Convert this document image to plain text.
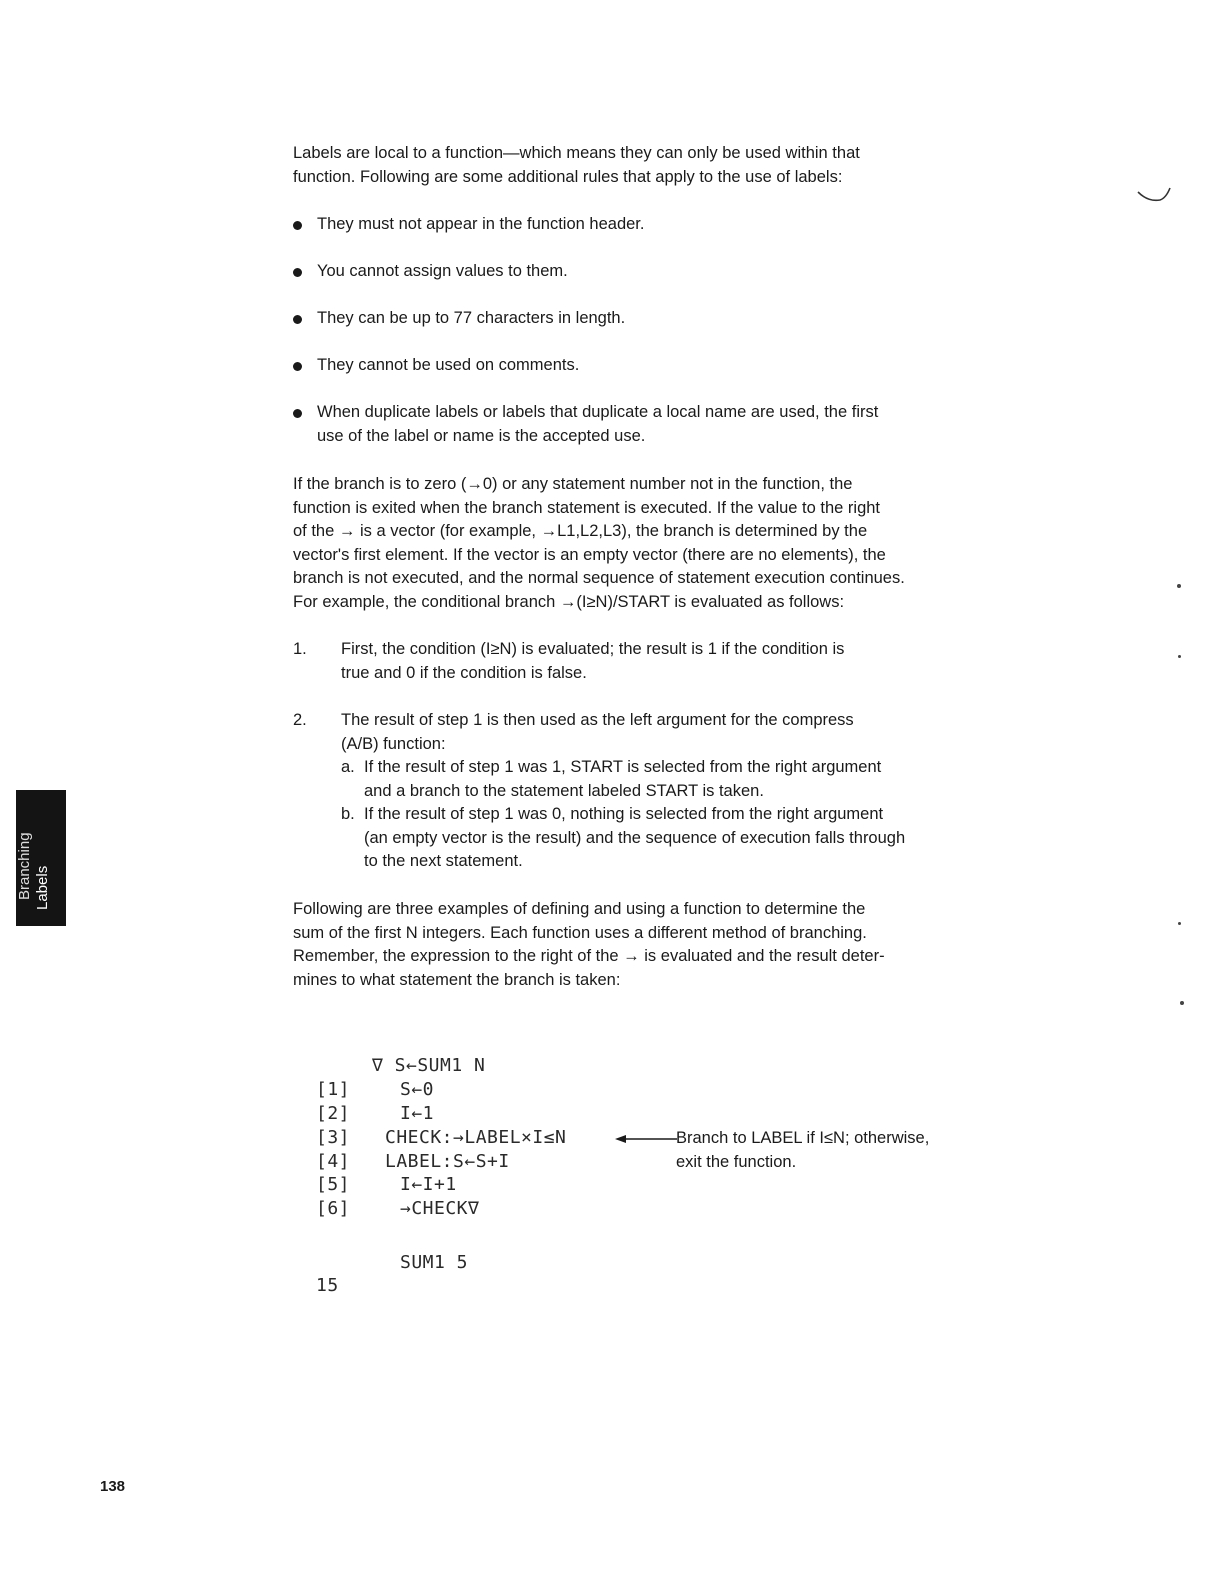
Labels are local to a function—which means they can only be used within that
function. Following are some additional rules that apply to the use of labels:
They must not appear in the function header.
You cannot assign values to them.
They can be up to 77 characters in length.
They cannot be used on comments.
When duplicate labels or labels that duplicate a local name are used, the first
use of the label or name is the accepted use.
If the branch is to zero (→0) or any statement number not in the function, the
function is exited when the branch statement is executed. If the value to the right
of the → is a vector (for example, →L1,L2,L3), the branch is determined by the
vector's first element. If the vector is an empty vector (there are no elements), the
branch is not executed, and the normal sequence of statement execution continues.
For example, the conditional branch →(I≥N)/START is evaluated as follows:
1. First, the condition (I≥N) is evaluated; the result is 1 if the condition is
true and 0 if the condition is false.
2. The result of step 1 is then used as the left argument for the compress
(A/B) function:
a. If the result of step 1 was 1, START is selected from the right argument
and a branch to the statement labeled START is taken.
b. If the result of step 1 was 0, nothing is selected from the right argument
(an empty vector is the result) and the sequence of execution falls through
to the next statement.
Following are three examples of defining and using a function to determine the
sum of the first N integers. Each function uses a different method of branching.
Remember, the expression to the right of the → is evaluated and the result deter-
mines to what statement the branch is taken:
∇ S←SUM1 N
[1]
[2]
[3]
[4]
[5]
[6]
S←0
I←1
CHECK:→LABEL×I≤N
LABEL:S←S+I
I←I+1
→CHECK∇
SUM1 5
15
Branch to LABEL if I≤N; otherwise,
exit the function.
Branching Labels
138
